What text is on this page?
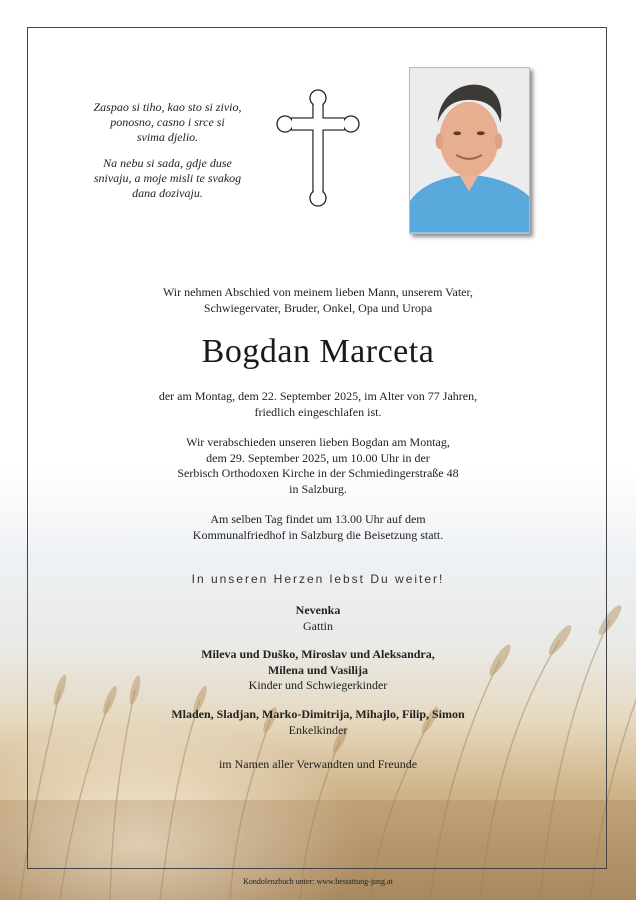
Zaspao si tiho, kao sto si zivio,
ponosno, casno i srce si
svima djelio.

Na nebu si sada, gdje duse
snivaju, a moje misli te svakog
dana dozivaju.

Wir nehmen Abschied von meinem lieben Mann, unserem Vater,
Schwiegervater, Bruder, Onkel, Opa und Uropa
Bogdan Marceta
der am Montag, dem 22. September 2025, im Alter von 77 Jahren,
friedlich eingeschlafen ist.
Wir verabschieden unseren lieben Bogdan am Montag,
dem 29. September 2025, um 10.00 Uhr in der
Serbisch Orthodoxen Kirche in der Schmiedingerstraße 48
in Salzburg.
Am selben Tag findet um 13.00 Uhr auf dem
Kommunalfriedhof in Salzburg die Beisetzung statt.
In unseren Herzen lebst Du weiter!
Nevenka
Gattin
Mileva und Duško, Miroslav und Aleksandra,
Milena und Vasilija
Kinder und Schwiegerkinder
Mladen, Sladjan, Marko-Dimitrija, Mihajlo, Filip, Simon
Enkelkinder
im Namen aller Verwandten und Freunde
Kondolenzbuch unter: www.bestattung-jung.at
